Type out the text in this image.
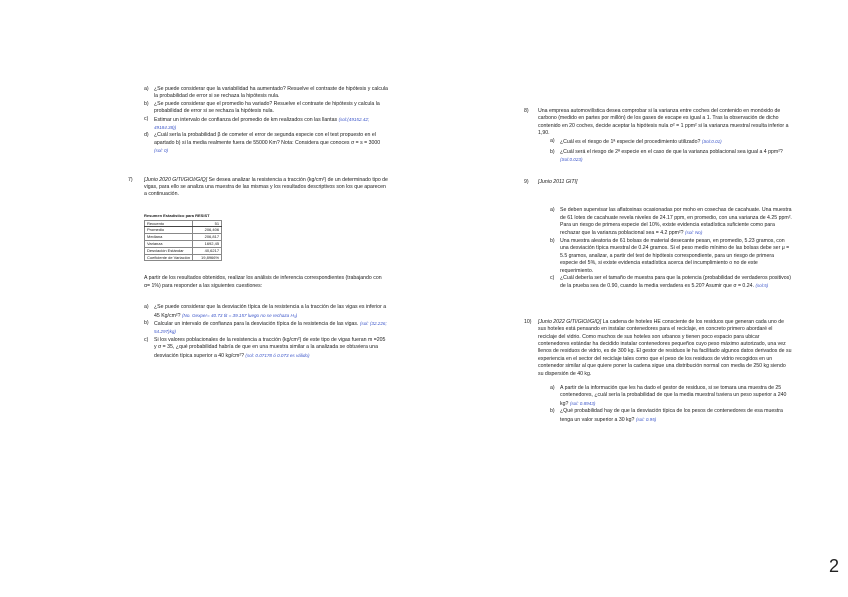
a) ¿Se puede considerar que la variabilidad ha aumentado? Resuelve el contraste de hipótesis y calcula la probabilidad de error si se rechaza la hipótesis nula.
b) ¿Se puede considerar que el promedio ha variado? Resuelve el contraste de hipótesis y calcula la probabilidad de error si se rechaza la hipótesis nula.
c) Estimar un intervalo de confianza del promedio de km realizados con las llantas (sol:(49152.42; 49184.38))
d) ¿Cuál sería la probabilidad β de cometer el error de segunda especie con el test propuesto en el apartado b) si la media realmente fuera de 55000 Km? Nota: Considera que conoces σ = s = 3000 (sol: 0)
7) [Junio 2020 GITI/GIOI/GIQ] Se desea analizar la resistencia a tracción (kg/cm²) de un determinado tipo de vigas, para ello se analiza una muestra de las mismas y los resultados descriptivos son los que aparecen a continuación.
Resumen Estadístico para RESIST
Recuento	51
Promedio	206,406
Mediana	206,817
Varianza	1692,45
Desviación Estándar	40,6217
Coeficiente de Variación	19,8966%
A partir de los resultados obtenidos, realizar los análisis de inferencia correspondientes (trabajando con α= 1%) para responder a las siguientes cuestiones:
a) ¿Se puede considerar que la desviación típica de la resistencia a la tracción de las vigas es inferior a 45 Kg/cm²? (No. Gexper= 40.73 tit = 39.157 luego no se rechaza H₀)
b) Calcular un intervalo de confianza para la desviación típica de la resistencia de las vigas. (sol: (32.226; 54.297)kg)
c) Si los valores poblacionales de la resistencia a tracción (kg/cm²) de este tipo de vigas fueran m =205 y σ = 35, ¿qué probabilidad habría de que en una muestra similar a la analizada se obtuviera una desviación típica superior a 40 kg/cm²? (sol: 0.07178 ó 0.073 es válido)
8) Una empresa automovilística desea comprobar si la varianza entre coches del contenido en monóxido de carbono (medido en partes por millón) de los gases de escape es igual a 1. Tras la observación de dicho contenido en 20 coches, decide aceptar la hipótesis nula σ² = 1 ppm² si la varianza muestral resulta inferior a 1,90.
a) ¿Cuál es el riesgo de 1ª especie del procedimiento utilizado? (Sol:0.01)
b) ¿Cuál será el riesgo de 2ª especie en el caso de que la varianza poblacional sea igual a 4 ppm²? (Sol:0.023)
9) [Junio 2011 GITI]
a) Se deben supervisar las aflatoxinas ocasionadas por moho en cosechas de cacahuate. Una muestra de 61 lotes de cacahuate revela niveles de 24.17 ppm, en promedio, con una varianza de 4.25 ppm². Para un riesgo de primera especie del 10%, existe evidencia estadística suficiente como para rechazar que la varianza poblacional sea = 4.2 ppm²? (sol: No)
b) Una muestra aleatoria de 61 bolsas de material desecante pesan, en promedio, 5.23 gramos, con una desviación típica muestral de 0.24 gramos. Si el peso medio mínimo de las bolsas debe ser μ = 5.5 gramos, analizar, a partir del test de hipótesis correspondiente, para un riesgo de primera especie del 5%, si existe evidencia estadística acerca del incumplimiento o no de este requerimiento.
c) ¿Cuál debería ser el tamaño de muestra para que la potencia (probabilidad de verdaderos positivos) de la prueba sea de 0.90, cuando la media verdadera es 5.20? Asumir que σ = 0.24. (sol:5)
10) [Junio 2022 GITI/GIOI/GIQ] La cadena de hoteles HE consciente de los residuos que generan cada uno de sus hoteles está pensando en instalar contenedores para el reciclaje, en concreto primero abordaré el reciclaje del vidrio. Como muchos de sus hoteles son urbanos y tienen poco espacio para ubicar contenedores estándar ha decidido instalar contenedores pequeños cuyo peso máximo autorizado, una vez llenos de residuos de vidrio, es de 300 kg. El gestor de residuos le ha facilitado algunos datos derivados de su experiencia en el sector del reciclaje tales como que el peso de los residuos de vidrio recogidos en un contenedor similar al que quiere poner la cadena sigue una distribución normal con media de 250 kg siendo su dispersión de 40 kg.
a) A partir de la información que les ha dado el gestor de residuos, si se tomara una muestra de 25 contenedores, ¿cuál sería la probabilidad de que la media muestral tuviera un peso superior a 240 kg? (sol: 0.8943)
b) ¿Qué probabilidad hay de que la desviación típica de los pesos de contenedores de esa muestra tenga un valor superior a 30 kg? (sol: 0.95)
2
